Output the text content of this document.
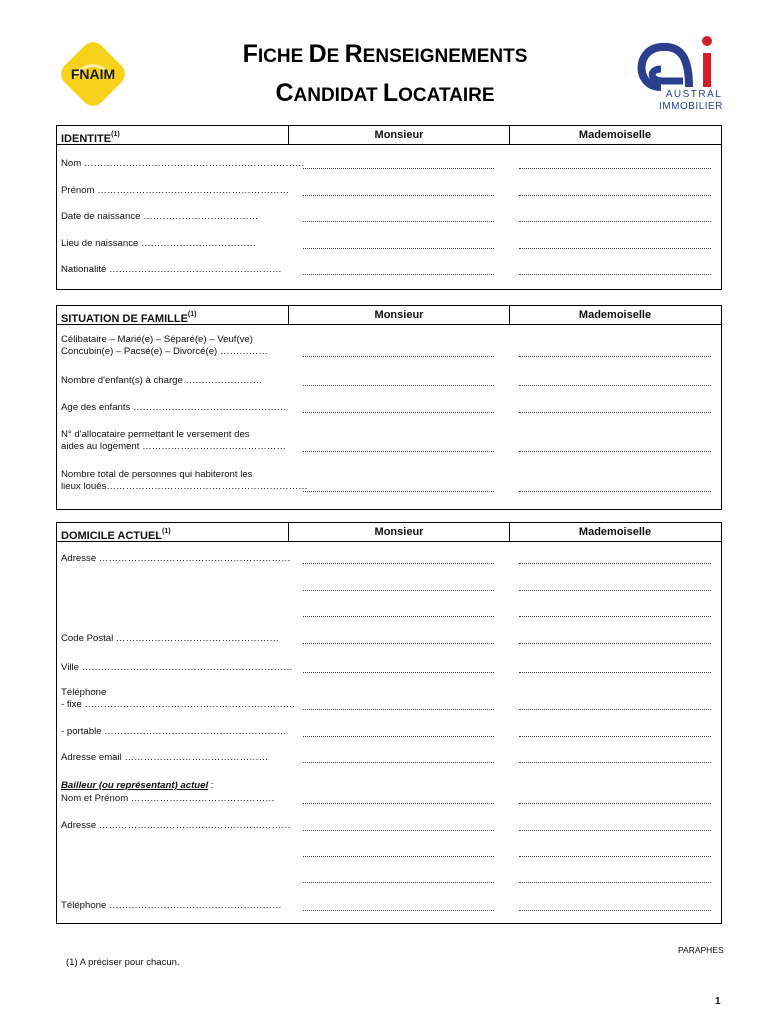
FNAIM
AUSTRAL
IMMOBILIER
FICHE DE RENSEIGNEMENTS
CANDIDAT LOCATAIRE
IDENTITE$^{(1)}$	Monsieur	Mademoiselle
Nom ……………………………………………………………
Prénom ……………………………………………………
Date de naissance ………………………………
Lieu de naissance ………………………………
Nationalité ………………………………………………
SITUATION DE FAMILLE$^{(1)}$	Monsieur	Mademoiselle
Célibataire – Marié(e) – Séparé(e) – Veuf(ve)
Concubin(e) – Pacsé(e) – Divorcé(e) ……………
Nombre d'enfant(s) à charge ……………………
Age des enfants …………………………………………
N° d'allocataire permettant le versement des
aides au logement ………………………………………
Nombre total de personnes qui habiteront les
lieux loués………………………………………………………
DOMICILE ACTUEL$^{(1)}$	Monsieur	Mademoiselle
Adresse ……………………………………………………
Code Postal ……………………………………………
Ville …………………………………………………………
Téléphone
- fixe …………………………………………………………
- portable …………………………………………………
Adresse email ………………………………………
Bailleur (ou représentant) actuel :
Nom et Prénom ………………………………………
Adresse ……………………………………………………
Téléphone ………………………………………………
PARAPHES
(1) A préciser pour chacun.
1
